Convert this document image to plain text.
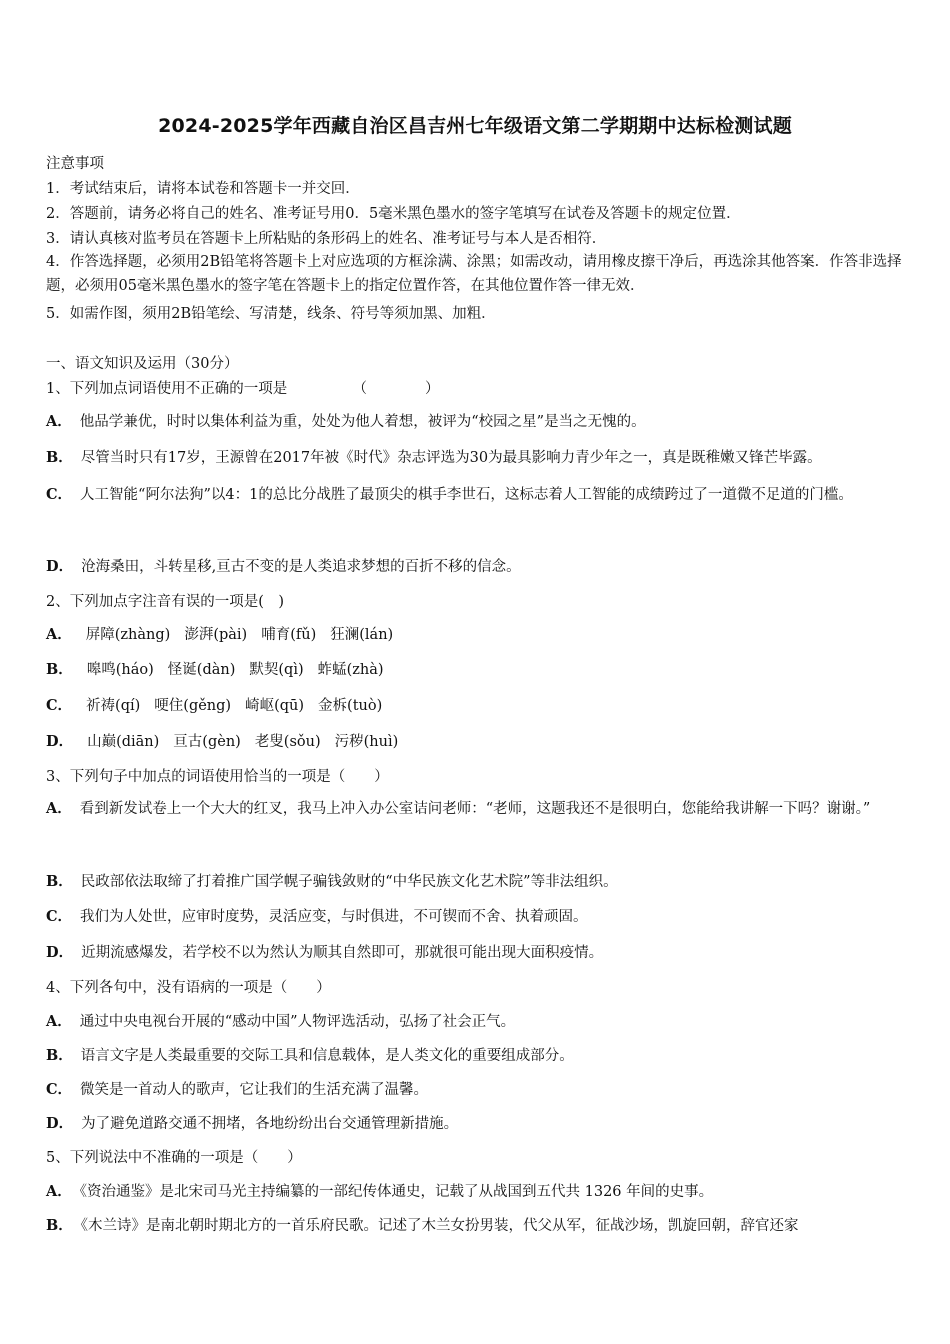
2024-2025学年西藏自治区昌吉州七年级语文第二学期期中达标检测试题
注意事项
1．考试结束后，请将本试卷和答题卡一并交回．
2．答题前，请务必将自己的姓名、准考证号用0．5毫米黑色墨水的签字笔填写在试卷及答题卡的规定位置．
3．请认真核对监考员在答题卡上所粘贴的条形码上的姓名、准考证号与本人是否相符．
4．作答选择题，必须用2B铅笔将答题卡上对应选项的方框涂满、涂黑；如需改动，请用橡皮擦干净后，再选涂其他答案．作答非选择题，必须用05毫米黑色墨水的签字笔在答题卡上的指定位置作答，在其他位置作答一律无效．
5．如需作图，须用2B铅笔绘、写清楚，线条、符号等须加黑、加粗．
一、语文知识及运用（30分）
1、下列加点词语使用不正确的一项是　　　　　（　　　　）
A． 他品学兼优，时时以集体利益为重，处处为他人着想，被评为“校园之星”是当之无愧的。
B． 尽管当时只有17岁，王源曾在2017年被《时代》杂志评选为30为最具影响力青少年之一，真是既稚嫩又锋芒毕露。
C． 人工智能“阿尔法狗”以4：1的总比分战胜了最顶尖的棋手李世石，这标志着人工智能的成绩跨过了一道微不足道的门槛。
D． 沧海桑田，斗转星移,亘古不变的是人类追求梦想的百折不移的信念。
2、下列加点字注音有误的一项是(　)
A． 屏障(zhàng) 澎湃(pài) 哺育(fǔ) 狂澜(lán)
B． 嗥鸣(háo) 怪诞(dàn) 默契(qì) 蚱蜢(zhà)
C． 祈祷(qí) 哽住(gěng) 崎岖(qū) 金柝(tuò)
D． 山巅(diān) 亘古(gèn) 老叟(sǒu) 污秽(huì)
3、下列句子中加点的词语使用恰当的一项是（　　）
A． 看到新发试卷上一个大大的红叉，我马上冲入办公室诘问老师：“老师，这题我还不是很明白，您能给我讲解一下吗？谢谢。”
B． 民政部依法取缔了打着推广国学幌子骗钱敛财的“中华民族文化艺术院”等非法组织。
C． 我们为人处世，应审时度势，灵活应变，与时俱进，不可锲而不舍、执着顽固。
D． 近期流感爆发，若学校不以为然认为顺其自然即可，那就很可能出现大面积疫情。
4、下列各句中，没有语病的一项是（　　）
A． 通过中央电视台开展的“感动中国”人物评选活动，弘扬了社会正气。
B． 语言文字是人类最重要的交际工具和信息载体，是人类文化的重要组成部分。
C． 微笑是一首动人的歌声，它让我们的生活充满了温馨。
D． 为了避免道路交通不拥堵，各地纷纷出台交通管理新措施。
5、下列说法中不准确的一项是（　　）
A． 《资治通鉴》是北宋司马光主持编纂的一部纪传体通史，记载了从战国到五代共 1326 年间的史事。
B． 《木兰诗》是南北朝时期北方的一首乐府民歌。记述了木兰女扮男装，代父从军，征战沙场，凯旋回朝，辞官还家
